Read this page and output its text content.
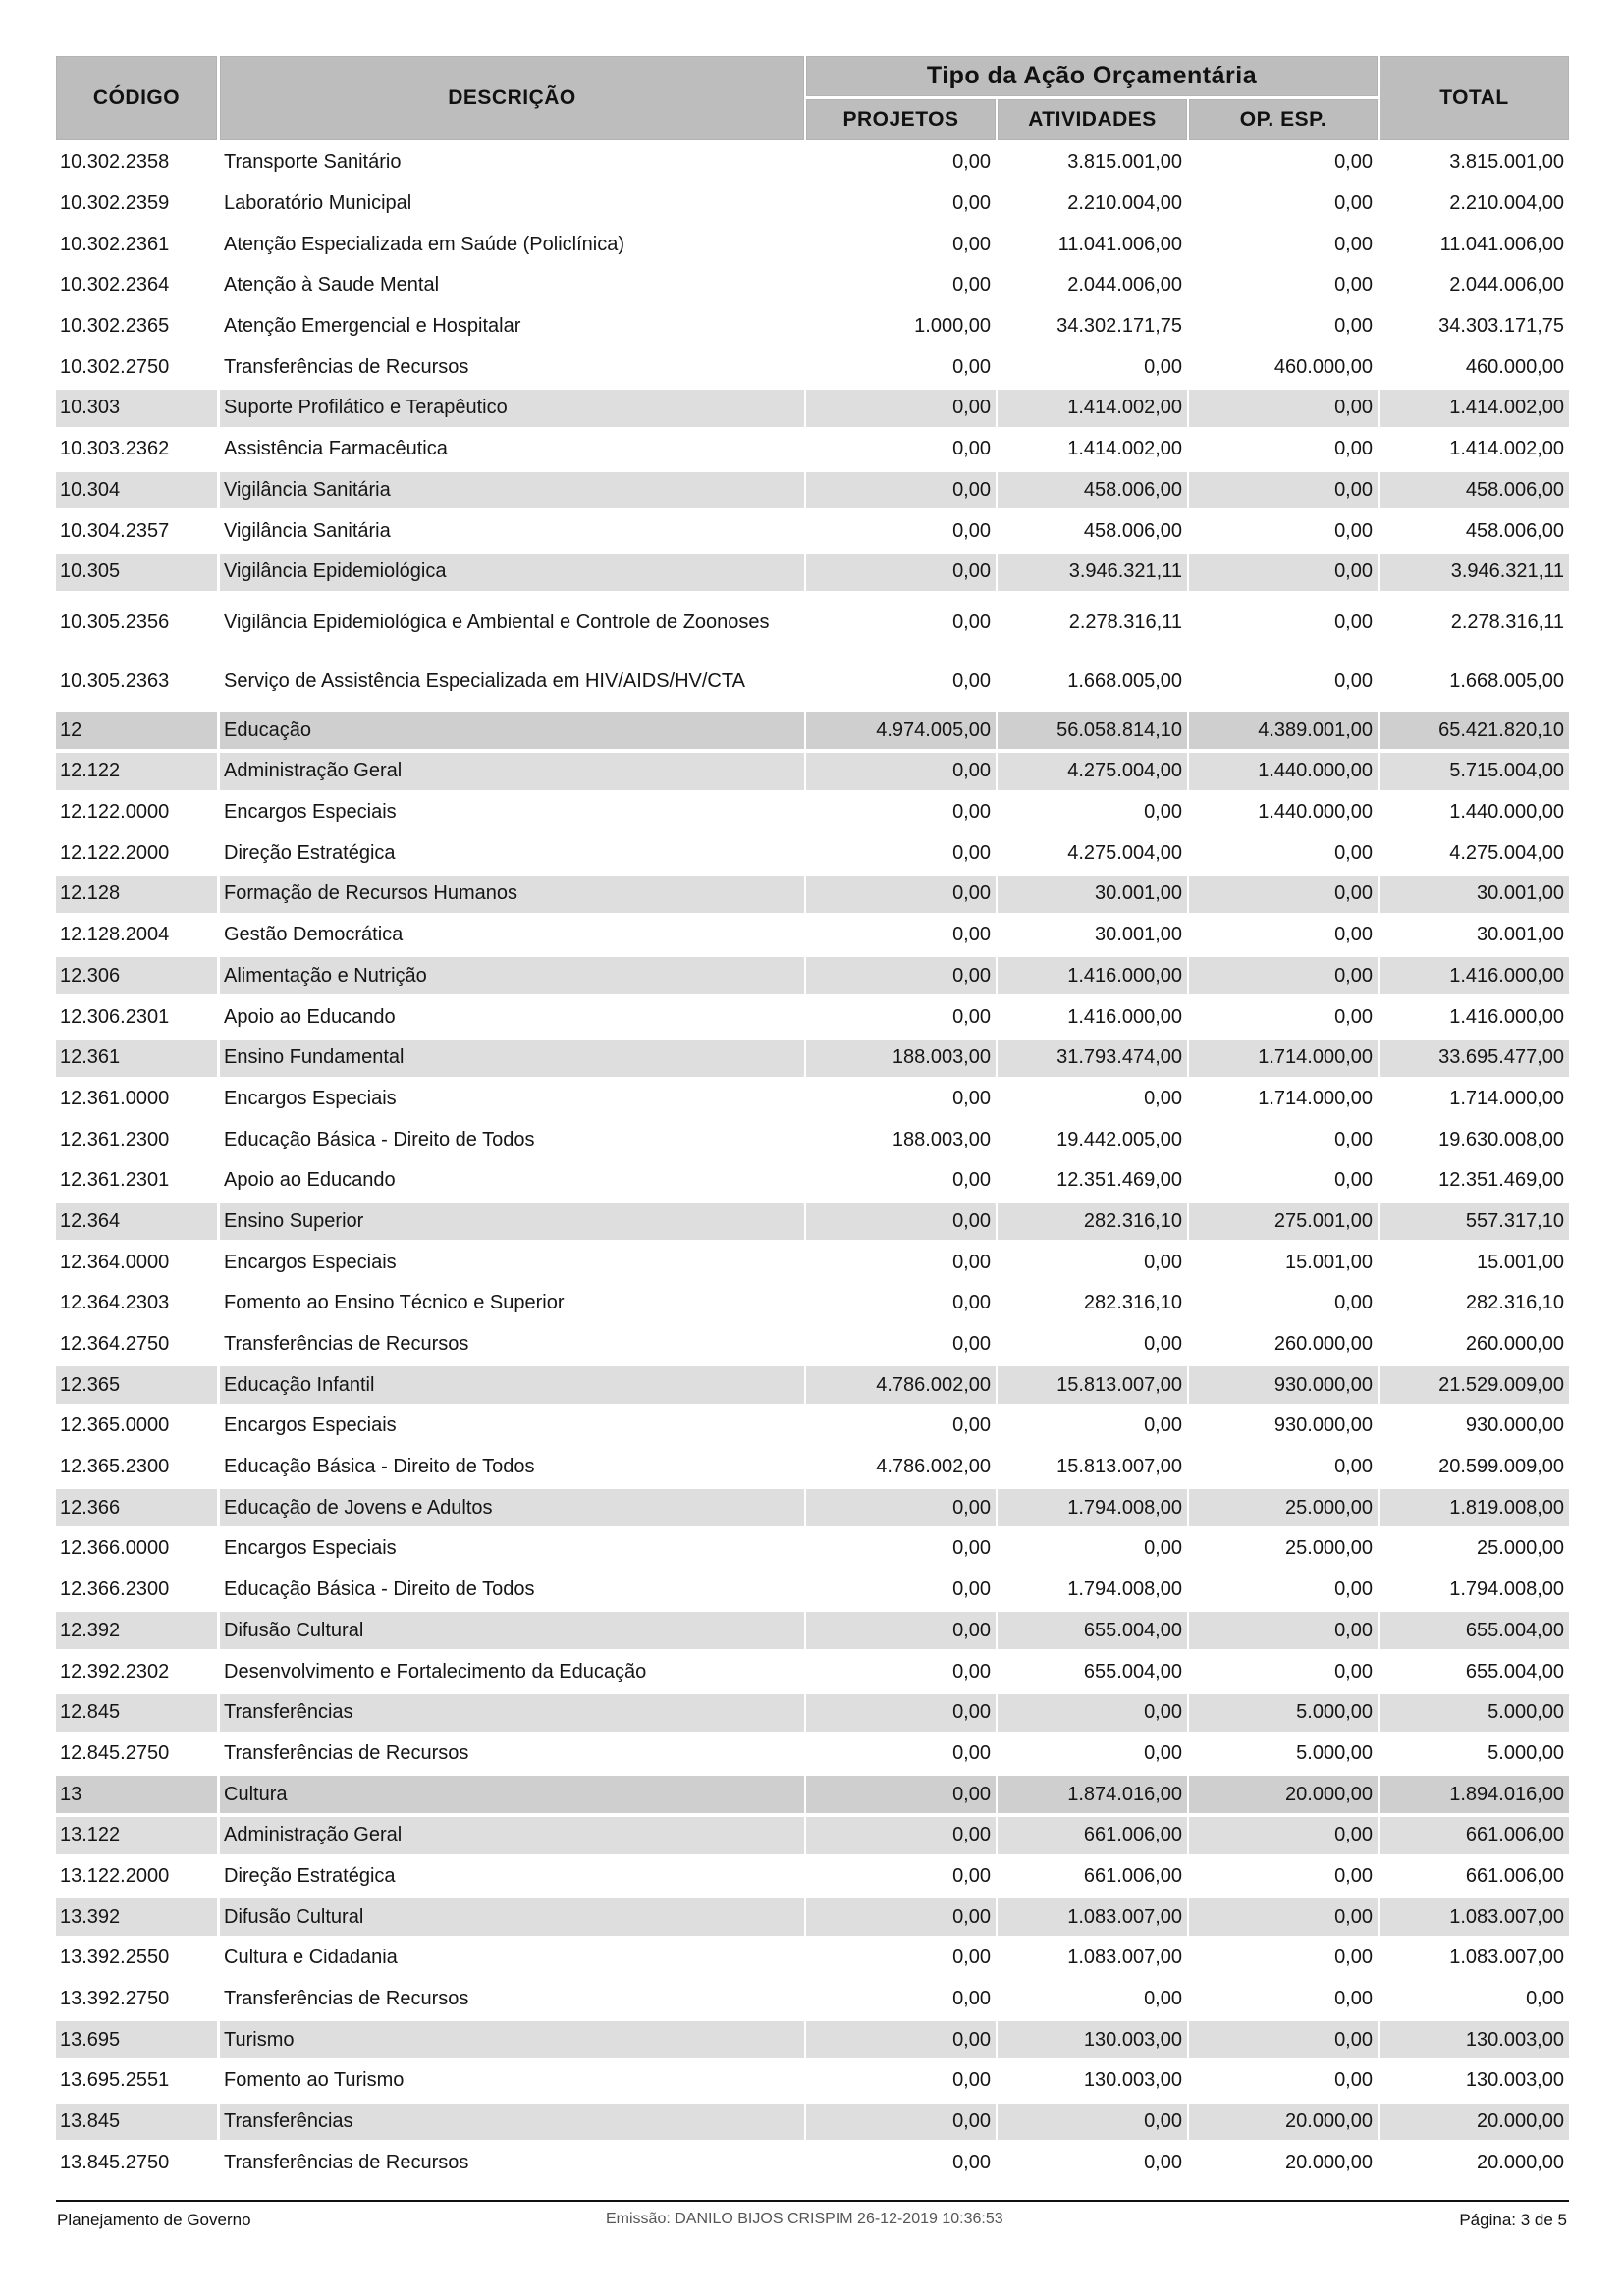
CÓDIGO	DESCRIÇÃO
Tipo da Ação Orçamentária
PROJETOS	ATIVIDADES	OP. ESP.
TOTAL
10.302.2358	Transporte Sanitário	0,00	3.815.001,00	0,00	3.815.001,00
10.302.2359	Laboratório Municipal	0,00	2.210.004,00	0,00	2.210.004,00
10.302.2361	Atenção Especializada em Saúde (Policlínica)	0,00	11.041.006,00	0,00	11.041.006,00
10.302.2364	Atenção à Saude Mental	0,00	2.044.006,00	0,00	2.044.006,00
10.302.2365	Atenção Emergencial e Hospitalar	1.000,00	34.302.171,75	0,00	34.303.171,75
10.302.2750	Transferências de Recursos	0,00	0,00	460.000,00	460.000,00
10.303	Suporte Profilático e Terapêutico	0,00	1.414.002,00	0,00	1.414.002,00
10.303.2362	Assistência Farmacêutica	0,00	1.414.002,00	0,00	1.414.002,00
10.304	Vigilância Sanitária	0,00	458.006,00	0,00	458.006,00
10.304.2357	Vigilância Sanitária	0,00	458.006,00	0,00	458.006,00
10.305	Vigilância Epidemiológica	0,00	3.946.321,11	0,00	3.946.321,11
10.305.2356	Vigilância Epidemiológica e Ambiental e Controle de Zoonoses	0,00	2.278.316,11	0,00	2.278.316,11
10.305.2363	Serviço de Assistência Especializada em HIV/AIDS/HV/CTA	0,00	1.668.005,00	0,00	1.668.005,00
12	Educação	4.974.005,00	56.058.814,10	4.389.001,00	65.421.820,10
12.122	Administração Geral	0,00	4.275.004,00	1.440.000,00	5.715.004,00
12.122.0000	Encargos Especiais	0,00	0,00	1.440.000,00	1.440.000,00
12.122.2000	Direção Estratégica	0,00	4.275.004,00	0,00	4.275.004,00
12.128	Formação de Recursos Humanos	0,00	30.001,00	0,00	30.001,00
12.128.2004	Gestão Democrática	0,00	30.001,00	0,00	30.001,00
12.306	Alimentação e Nutrição	0,00	1.416.000,00	0,00	1.416.000,00
12.306.2301	Apoio ao Educando	0,00	1.416.000,00	0,00	1.416.000,00
12.361	Ensino Fundamental	188.003,00	31.793.474,00	1.714.000,00	33.695.477,00
12.361.0000	Encargos Especiais	0,00	0,00	1.714.000,00	1.714.000,00
12.361.2300	Educação Básica - Direito de Todos	188.003,00	19.442.005,00	0,00	19.630.008,00
12.361.2301	Apoio ao Educando	0,00	12.351.469,00	0,00	12.351.469,00
12.364	Ensino Superior	0,00	282.316,10	275.001,00	557.317,10
12.364.0000	Encargos Especiais	0,00	0,00	15.001,00	15.001,00
12.364.2303	Fomento ao Ensino Técnico e Superior	0,00	282.316,10	0,00	282.316,10
12.364.2750	Transferências de Recursos	0,00	0,00	260.000,00	260.000,00
12.365	Educação Infantil	4.786.002,00	15.813.007,00	930.000,00	21.529.009,00
12.365.0000	Encargos Especiais	0,00	0,00	930.000,00	930.000,00
12.365.2300	Educação Básica - Direito de Todos	4.786.002,00	15.813.007,00	0,00	20.599.009,00
12.366	Educação de Jovens e Adultos	0,00	1.794.008,00	25.000,00	1.819.008,00
12.366.0000	Encargos Especiais	0,00	0,00	25.000,00	25.000,00
12.366.2300	Educação Básica - Direito de Todos	0,00	1.794.008,00	0,00	1.794.008,00
12.392	Difusão Cultural	0,00	655.004,00	0,00	655.004,00
12.392.2302	Desenvolvimento e Fortalecimento da Educação	0,00	655.004,00	0,00	655.004,00
12.845	Transferências	0,00	0,00	5.000,00	5.000,00
12.845.2750	Transferências de Recursos	0,00	0,00	5.000,00	5.000,00
13	Cultura	0,00	1.874.016,00	20.000,00	1.894.016,00
13.122	Administração Geral	0,00	661.006,00	0,00	661.006,00
13.122.2000	Direção Estratégica	0,00	661.006,00	0,00	661.006,00
13.392	Difusão Cultural	0,00	1.083.007,00	0,00	1.083.007,00
13.392.2550	Cultura e Cidadania	0,00	1.083.007,00	0,00	1.083.007,00
13.392.2750	Transferências de Recursos	0,00	0,00	0,00	0,00
13.695	Turismo	0,00	130.003,00	0,00	130.003,00
13.695.2551	Fomento ao Turismo	0,00	130.003,00	0,00	130.003,00
13.845	Transferências	0,00	0,00	20.000,00	20.000,00
13.845.2750	Transferências de Recursos	0,00	0,00	20.000,00	20.000,00
Planejamento de Governo	Emissão: DANILO BIJOS CRISPIM 26-12-2019 10:36:53	Página: 3 de 5
